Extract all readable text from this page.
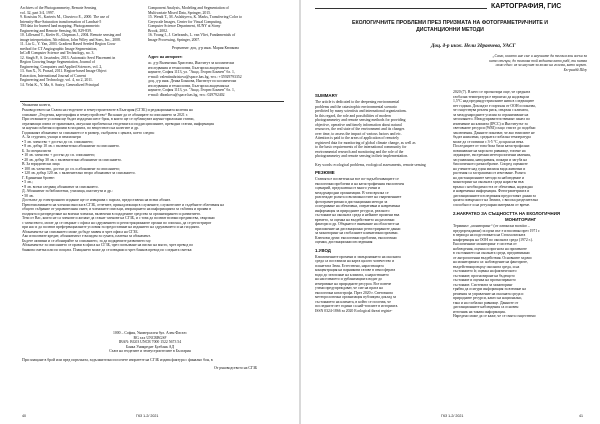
Archives of the Photogrammetry, Remote Sensing

vol. 32, part 3/4, 1997.

9. Koutsias N., Karteris M., Chuvieco E., 2000. The use of

Intensity-Hue-Saturation transformation of Landsat-5

TM data for burned land mapping. Photogrammetric

Engineering and Remote Sensing, 66, 829-839.

10. Lillesand T., Kiefer R., Chipman J., 2004. Remote sensing and

image interpretation, 5th edition, John Wiley and Sons, Inc., 2008.

11. Liu G., Y. Yan, 2003. Gradient Based Seeded Region Grow

method for CT Angiographic Image Segmentation,

InCoB Computer Science and Technology, no. 3.

12. Singh P., S. Jaswinder, 2013. Automatic Seed Placement in

Region Growing Image Segmentation, Journal of

Engineering, Computers and Applied Sciences, vol. 2,

13. Sun X., N. Prasad, 2011. Region-based Image Object

Extraction, International Journal of Current

Engineering and Technology, vol. 4, no 2, 2011.

14. Velat K., Y. Ma, S. Sastry, Generalized Principal

Component Analysis, Modeling and Segmentation of

Multivariate Mixed Data, Springer, 2015.

15. Wendt T., M. Asfahiyeva, K. Marks, Transferring Color to

Greyscale Images, Center for Visual Computing,

Computer Science Department, SUNY at Stony

Brook, 2002.

16. Young I., J. Gerbrands, L. van Vliet, Fundamentals of

Image Processing, Springer, 2007.

Рецензент: доц. д-р инж. Мария Кюпкова

Адрес на авторите:

ас. д-р Валентина Христова, Институт за космически

изследвания и технологии, Българска академия на

науките, София 1113, ул. "Акад. Георги Бончев" бл. 1,

e-mail: valentinahristova@space.bas.bg, тел.: +35929793352

доц. д-р инж. Денка Бонкова, Институт по космически

изследвания и технологии, Българска академия на

науките, София 1113, ул. "Акад. Георги Бончев" бл. 1,

e-mail: dbonkova@space.bas.bg, тел.: 029792402

Уважаеми колеги,

Ръководството на Съюза на геодезите и земеустроителите в България (СГЗБ) и редакционната колегия на

списание „Геодезия, картография и земеустройство“ Ви канят да се абонирате за списанието за 2021 г.

При сегашните условия ще бъдат издадени шест броя, в които ще се публикуват научно-приложни статии,

отразяващи опита от практиката, актуални проблеми на геодезията и поддисциплините, преводни статии, информация

за научни събития и прояви в гилдията, по веществото на колегите и др.

Годишният абонамент за списанието е в размер, съобразен с цената, което следва:

А. За студенти, учащи и пенсионери

• 5 лв. членство + достъп до сп. списанието;

• 8 лв. добър 10 лв. с включително абонамент за списанието.

Б. За специалисти

• 10 лв. членство + достъп до сп. списанието;

• 20 лв. добър 30 лв. с включително абонамент за списанието.

В. За юридически лица

• 100 лв. членство, достъп до сп. и абонамент за списанието;

• 120 лв. добър 120 лв. с включително второ абонамент за списанието.

Г. Единични броеве:

• 5 лв.;

• 8 лв. всеки следващ абонамент за списанието.

Д. Абонамент за библиотеки, училища, институти и др.:

• 50 лв.

Достъпът до електронното издание ще се извършва с парола, предоставена на всеки абонат.

Преизчисляването на членски вноски в СГЗБ, отчетите, принадлежащи в служените, служителите и съдебните облечения на

общото събрание от управителния съвет, и членските списъци, изпращането на информацията за събития и прояви в

гилдията и разпределяне на всички членски, включени в подадените средства за организирането и развитието.

Тези от Вас, които не са членове и желаят да станат членове на СГЗБ, и с това да ползват всички предимства, свързани

с членството, могат да се свържат с офиса на сдружението и регистрационните органи по списъка, да се регистрират

при нас и да ползват преференциалните условия за предоставяне на изданието на сдружението и на гилдията.

Абонаментът на списанието може да бъде заявен и чрез офиса на СГЗБ.

Ако използвате кредит, абонаментът е валиден за сумата, платена за абонамент.

Бъдете активни и се абонирайте за списанието, за да подкрепите развитието му.

Абонаментът за списанието се прави в офиса на СГЗБ, чрез попълване на писмо на място, чрез превод по

банкова сметка или по пощата. Плащането може да се извърши и чрез банков превод по следната сметка:

1000 – София, Универсален бул. Ален Фаселс

BG xxx UNCRBGSF

IBAN: BG03 UNCR 7000 1522 5673 54

Банка Уникредит Булбанк АД

Съюз на геодезите и земеустроителите в България

При плащане в брой или пред поръчката, задължително посочете изпратете на СГЗБ издава фактура с финално бон, в

От ръководството на СГЗБ

40	ГКЗ 1-2/ 2021
КАРТОГРАФИЯ, ГИС
ЕКОЛОГИЧНИТЕ ПРОБЛЕМИ ПРЕЗ ПРИЗМАТА НА ФОТОГРАМЕТРИЧНИТЕ И
ДИСТАНЦИОННИ МЕТОДИ
Доц. д-р инж. Нели Здравчева, УАСГ

„Само, когато ние сме и научните да теглим вън всеки за

като отгъри, до толкова той водиата като рибі, ти питва

само едно: аз за научит за колко на голема, като хорит.

Бъ-рнадй Шоу

SUMMARY

The article is dedicated to the deepening environmental

problems and the catastrophic environmental scenario

predicted by many scientists and international organizations.

In this regard, the role and possibilities of modern

photogrammetry and remote sensing methods for providing

objective, operative and timely information about natural

resources, the real state of the environment and its changes

over time, to assess the impact of various factors and etc.

Attention is paid to the areas of application of remotely

registered data for monitoring of global climate change, as well as

to the basic requirements of the international community for

environmental research and monitoring and the role of the

photogrammetry and remote sensing in their implementation.

Key words: ecological problems, ecological assessments, remote sensing

РЕЗЮМЕ

Статията е посветена на все по-задълбочаващите се

екологични проблеми и на катастрофичния екологичен

сценарий, предсказван от много учени и

международни организации. В тази връзка се

разглеждат ролята и възможностите на съвременните

фотограметрични и дистанционни методи за

осигуряване на обективна, оперативна и навременна

информация за природните ресурси, реалното

състояние на околната среда и нейните промени във

времето, за оценка на въздействието на различни

фактори и др. Обърнато е внимание на областите на

приложение на дистанционно регистрираните данни

за мониторинг на глобалните климатични промени.

Ключови думи: екологични проблеми, екологични

оценки, дистанционни изследвания

1.УВОД

Климатичните промени и замърсяването на околната

среда са поставили на карта цялото човечество и

планетата Земя. Естествено, нарастващата

концентрация на парникови газове в атмосферата

води до затопляне на климата, а нарастването

на населението и урбанизацията водят до

изчерпване на природните ресурси. Все повече

учени предупреждават, че сме на прага на

екологична катастрофа. През 2020 г. Световната

метеорологична организация публикува доклад за

състоянието на климата, в който се посочва, че

последните пет години са най-топлите в историята.

ISSN 0324-1866 за 2020 Ecological threat registe-

2020 (7). В него се прогнозира още, че средната

глобална температура е вероятно да надхвърли

1,5°C над прединдустриалните нива в следващите

пет години. Докладът е поръчан от ООН и показва,

че съществува реален риск, свързан с климата,

за международните усилия за ограничаване на

затоплянето. Междуправителственият панел по

изменение на климата (IPCC) и Институтът за

световните ресурси (WRI) също стигат до подобни

заключения. Данните показват, че ако емисиите не

бъдат намалени, средната глобална температура

може да се повиши с 3-5 °C до края на века.

Последиците от това биха били катастрофални:

повишаване на морското равнище, топене на

ледниците, екстремни метеорологични явления,

засушавания, наводнения, пожари и загуба на

биологичното разнообразие. Според оценките

на учените над един милион вида животни и

растения са застрашени от изчезване. Ролята

на дистанционните методи за наблюдение и

мониторинг на околната среда нараства във

връзка с необходимостта от обективна, надеждна

и навременна информация. Фотограметрията и

дистанционните изследвания предоставят данни за

цялата повърхност на Земята, с висока разделителна

способност и на регулярни интервали от време.

2.НАКРАТКО ЗА СЪЩНОСТТА НА ЕКОЛОГИЧНИЯ
МОНИТОРИНГ

Терминът „мониторинг“ (от латински monitor –

предупреждавам) за пръв път е използван през 1971 г.

в периода на подготовката на Стокхолмската

конференция на ООН по околната среда (1972 г.).

Екологичният мониторинг е система от

наблюдения, оценка и прогноза на промените

в състоянието на околната среда, предизвикани

от антропогенни въздействия. Основните задачи

на мониторинга са: наблюдение на факторите,

въздействащи върху околната среда, и на

състоянието ѝ; оценка на фактическото

състояние; прогнозиране на бъдещото

състояние и оценка на прогнозираното

състояние. Системата за мониторинг

трябва да осигури информация за вземане на

решения за управление на околната среда и

природните ресурси, както на национално,

така и на глобално равнище. Данните от

дистанционните наблюдения са основен

източник на такава информация.

Наредено може да се каже, че се смята съществено

ГКЗ 1-2/ 2021	41
